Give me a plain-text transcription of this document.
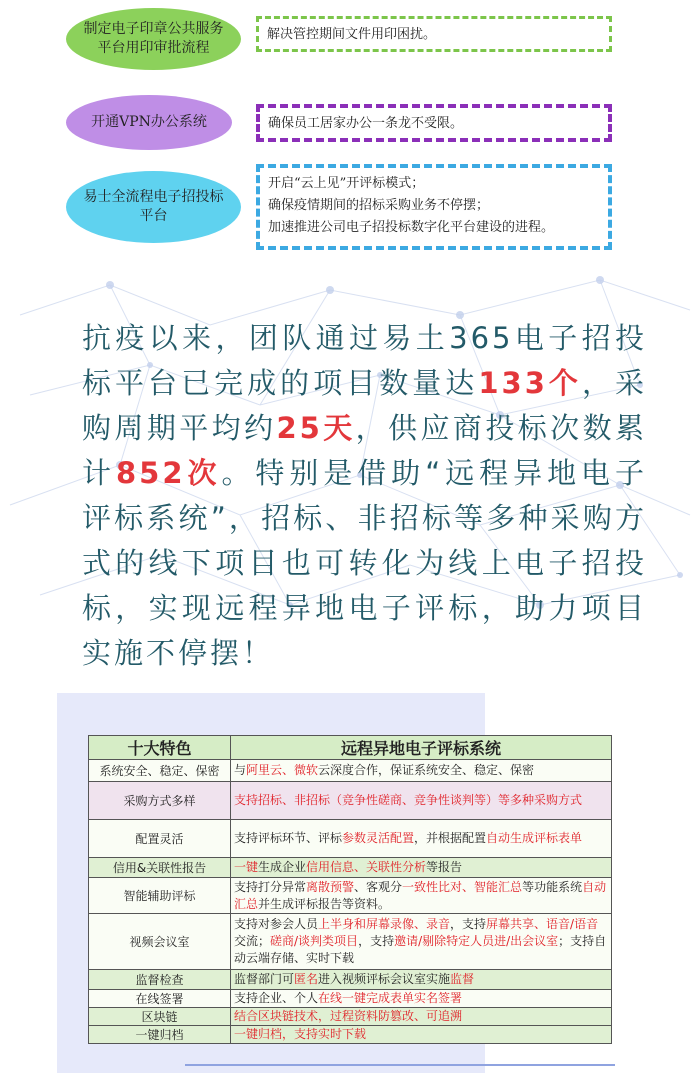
制定电子印章公共服务
平台用印审批流程
解决管控期间文件用印困扰。
开通VPN办公系统	确保员工居家办公一条龙不受限。
易士全流程电子招投标
平台
开启“云上见”开评标模式；
确保疫情期间的招标采购业务不停摆；
加速推进公司电子招投标数字化平台建设的进程。
抗疫以来，团队通过易土365电子招投标平台已完成的项目数量达133个，采购周期平均约25天，供应商投标次数累计852次。特别是借助“远程异地电子评标系统”，招标、非招标等多种采购方式的线下项目也可转化为线上电子招投标，实现远程异地电子评标，助力项目实施不停摆！
十大特色	远程异地电子评标系统
系统安全、稳定、保密	与阿里云、微软云深度合作，保证系统安全、稳定、保密
采购方式多样	支持招标、非招标（竞争性磋商、竞争性谈判等）等多种采购方式
配置灵活	支持评标环节、评标参数灵活配置，并根据配置自动生成评标表单
信用&关联性报告	一键生成企业信用信息、关联性分析等报告
智能辅助评标	支持打分异常离散预警、客观分一致性比对、智能汇总等功能系统自动汇总并生成评标报告等资料。
视频会议室	支持对参会人员上半身和屏幕录像、录音，支持屏幕共享、语音/语音交流；磋商/谈判类项目，支持邀请/剔除特定人员进/出会议室；支持自动云端存储、实时下载
监督检查	监督部门可匿名进入视频评标会议室实施监督
在线签署	支持企业、个人在线一键完成表单实名签署
区块链	结合区块链技术，过程资料防篡改、可追溯
一键归档	一键归档，支持实时下载
